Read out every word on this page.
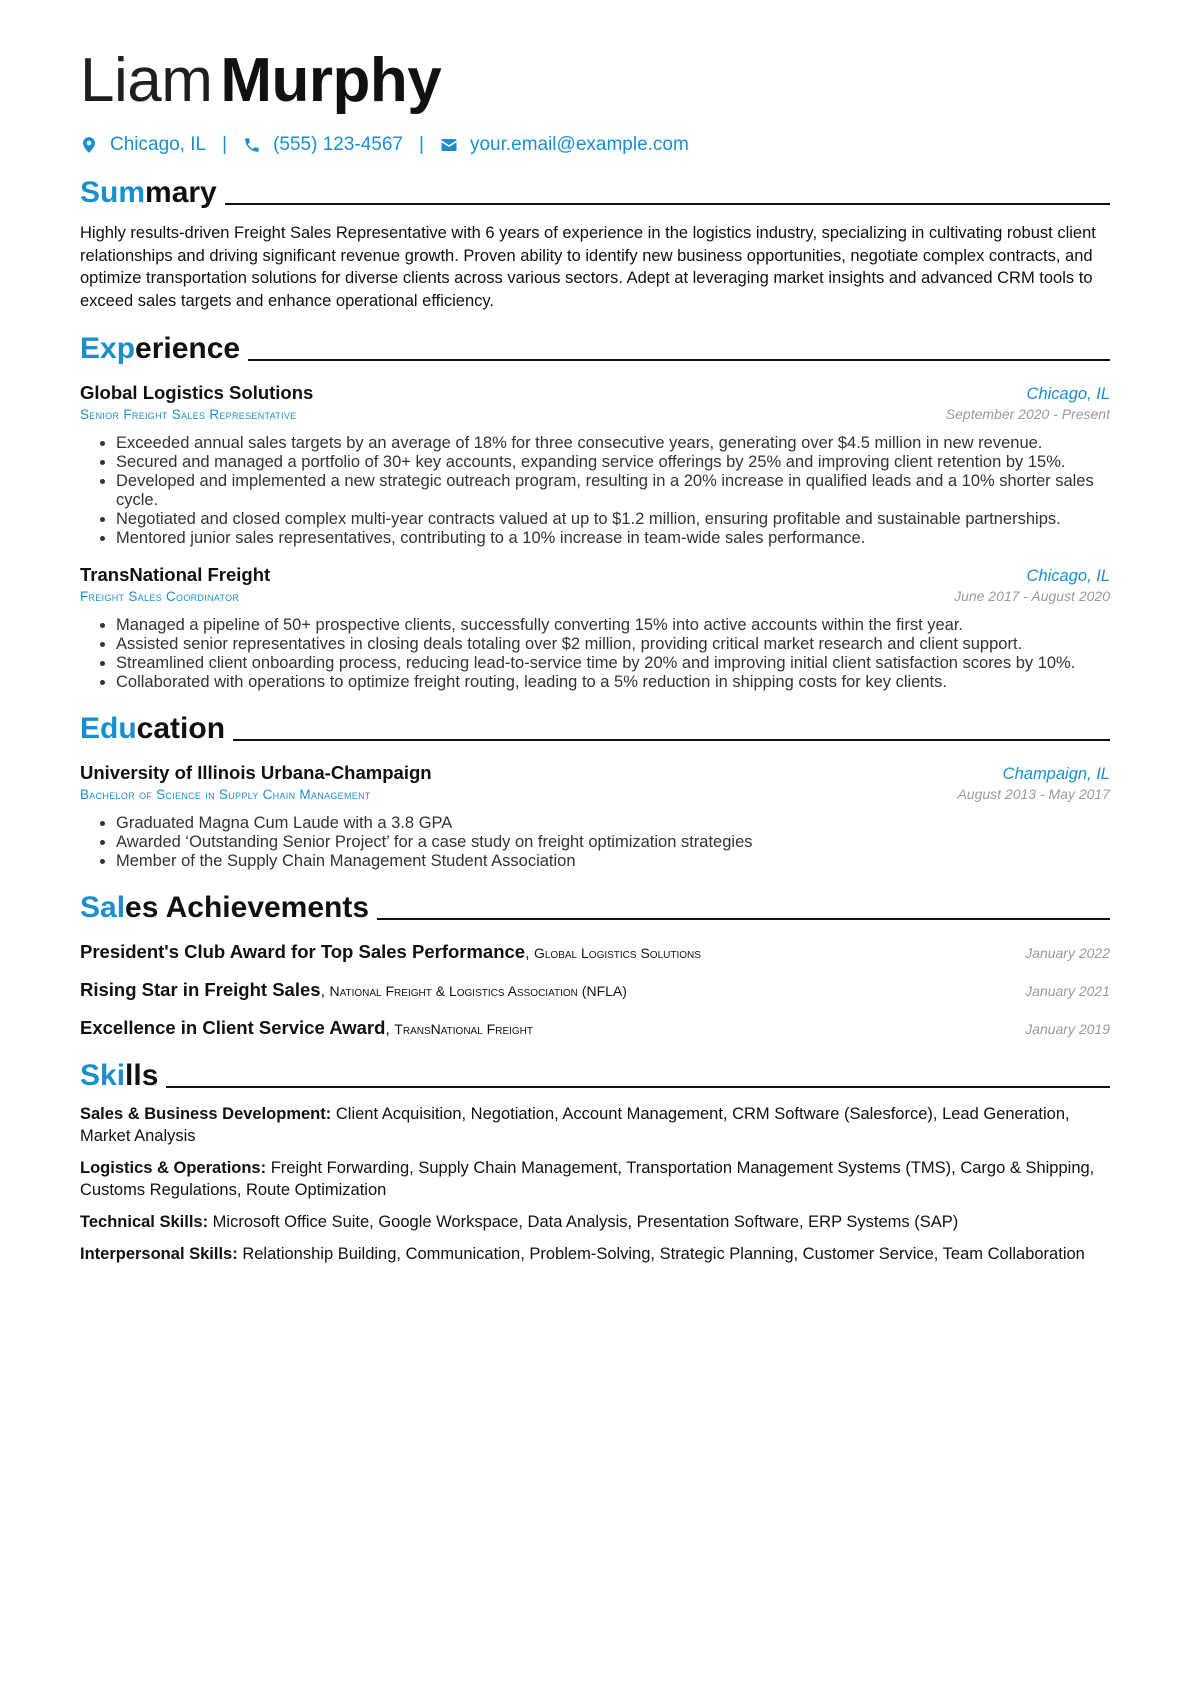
Liam Murphy
Chicago, IL | (555) 123-4567 | your.email@example.com
Summary
Highly results-driven Freight Sales Representative with 6 years of experience in the logistics industry, specializing in cultivating robust client relationships and driving significant revenue growth. Proven ability to identify new business opportunities, negotiate complex contracts, and optimize transportation solutions for diverse clients across various sectors. Adept at leveraging market insights and advanced CRM tools to exceed sales targets and enhance operational efficiency.
Experience
Global Logistics Solutions	Chicago, IL
Senior Freight Sales Representative	September 2020 - Present
• Exceeded annual sales targets by an average of 18% for three consecutive years, generating over $4.5 million in new revenue.
• Secured and managed a portfolio of 30+ key accounts, expanding service offerings by 25% and improving client retention by 15%.
• Developed and implemented a new strategic outreach program, resulting in a 20% increase in qualified leads and a 10% shorter sales cycle.
• Negotiated and closed complex multi-year contracts valued at up to $1.2 million, ensuring profitable and sustainable partnerships.
• Mentored junior sales representatives, contributing to a 10% increase in team-wide sales performance.
TransNational Freight	Chicago, IL
Freight Sales Coordinator	June 2017 - August 2020
• Managed a pipeline of 50+ prospective clients, successfully converting 15% into active accounts within the first year.
• Assisted senior representatives in closing deals totaling over $2 million, providing critical market research and client support.
• Streamlined client onboarding process, reducing lead-to-service time by 20% and improving initial client satisfaction scores by 10%.
• Collaborated with operations to optimize freight routing, leading to a 5% reduction in shipping costs for key clients.
Education
University of Illinois Urbana-Champaign	Champaign, IL
Bachelor of Science in Supply Chain Management	August 2013 - May 2017
• Graduated Magna Cum Laude with a 3.8 GPA
• Awarded ‘Outstanding Senior Project’ for a case study on freight optimization strategies
• Member of the Supply Chain Management Student Association
Sales Achievements
President's Club Award for Top Sales Performance, Global Logistics Solutions	January 2022
Rising Star in Freight Sales, National Freight & Logistics Association (NFLA)	January 2021
Excellence in Client Service Award, TransNational Freight	January 2019
Skills
Sales & Business Development: Client Acquisition, Negotiation, Account Management, CRM Software (Salesforce), Lead Generation, Market Analysis
Logistics & Operations: Freight Forwarding, Supply Chain Management, Transportation Management Systems (TMS), Cargo & Shipping, Customs Regulations, Route Optimization
Technical Skills: Microsoft Office Suite, Google Workspace, Data Analysis, Presentation Software, ERP Systems (SAP)
Interpersonal Skills: Relationship Building, Communication, Problem-Solving, Strategic Planning, Customer Service, Team Collaboration
